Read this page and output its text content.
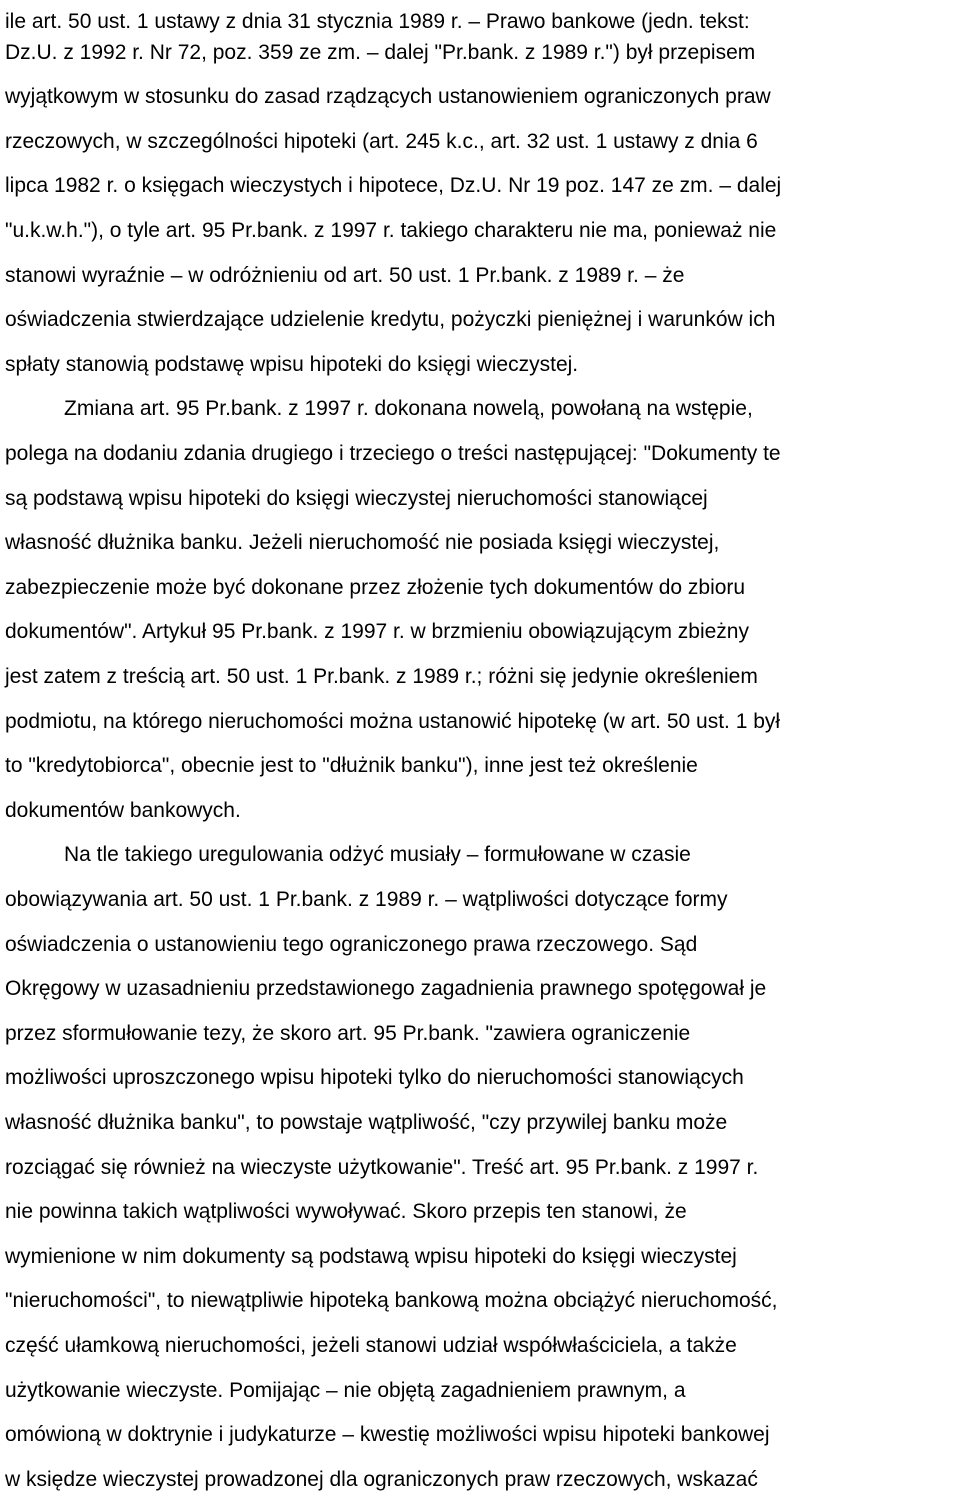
ile art. 50 ust. 1 ustawy z dnia 31 stycznia 1989 r. – Prawo bankowe (jedn. tekst:
Dz.U. z 1992 r. Nr 72, poz. 359 ze zm. – dalej "Pr.bank. z 1989 r.") był przepisem
wyjątkowym w stosunku do zasad rządzących ustanowieniem ograniczonych praw
rzeczowych, w szczególności hipoteki (art. 245 k.c., art. 32 ust. 1 ustawy z dnia 6
lipca 1982 r. o księgach wieczystych i hipotece, Dz.U. Nr 19 poz. 147 ze zm. – dalej
"u.k.w.h."), o tyle art. 95 Pr.bank. z 1997 r. takiego charakteru nie ma, ponieważ nie
stanowi wyraźnie – w odróżnieniu od art. 50 ust. 1 Pr.bank. z 1989 r. – że
oświadczenia stwierdzające udzielenie kredytu, pożyczki pieniężnej i warunków ich
spłaty stanowią podstawę wpisu hipoteki do księgi wieczystej.
Zmiana art. 95 Pr.bank. z 1997 r. dokonana nowelą, powołaną na wstępie,
polega na dodaniu zdania drugiego i trzeciego o treści następującej: "Dokumenty te
są podstawą wpisu hipoteki do księgi wieczystej nieruchomości stanowiącej
własność dłużnika banku. Jeżeli nieruchomość nie posiada księgi wieczystej,
zabezpieczenie może być dokonane przez złożenie tych dokumentów do zbioru
dokumentów". Artykuł 95 Pr.bank. z 1997 r. w brzmieniu obowiązującym zbieżny
jest zatem z treścią art. 50 ust. 1 Pr.bank. z 1989 r.; różni się jedynie określeniem
podmiotu, na którego nieruchomości można ustanowić hipotekę (w art. 50 ust. 1 był
to "kredytobiorca", obecnie jest to "dłużnik banku"), inne jest też określenie
dokumentów bankowych.
Na tle takiego uregulowania odżyć musiały – formułowane w czasie
obowiązywania art. 50 ust. 1 Pr.bank. z 1989 r. – wątpliwości dotyczące formy
oświadczenia o ustanowieniu tego ograniczonego prawa rzeczowego. Sąd
Okręgowy w uzasadnieniu przedstawionego zagadnienia prawnego spotęgował je
przez sformułowanie tezy, że skoro art. 95 Pr.bank. "zawiera ograniczenie
możliwości uproszczonego wpisu hipoteki tylko do nieruchomości stanowiących
własność dłużnika banku", to powstaje wątpliwość, "czy przywilej banku może
rozciągać się również na wieczyste użytkowanie". Treść art. 95 Pr.bank. z 1997 r.
nie powinna takich wątpliwości wywoływać. Skoro przepis ten stanowi, że
wymienione w nim dokumenty są podstawą wpisu hipoteki do księgi wieczystej
"nieruchomości", to niewątpliwie hipoteką bankową można obciążyć nieruchomość,
część ułamkową nieruchomości, jeżeli stanowi udział współwłaściciela, a także
użytkowanie wieczyste. Pomijając – nie objętą zagadnieniem prawnym, a
omówioną w doktrynie i judykaturze – kwestię możliwości wpisu hipoteki bankowej
w księdze wieczystej prowadzonej dla ograniczonych praw rzeczowych, wskazać
